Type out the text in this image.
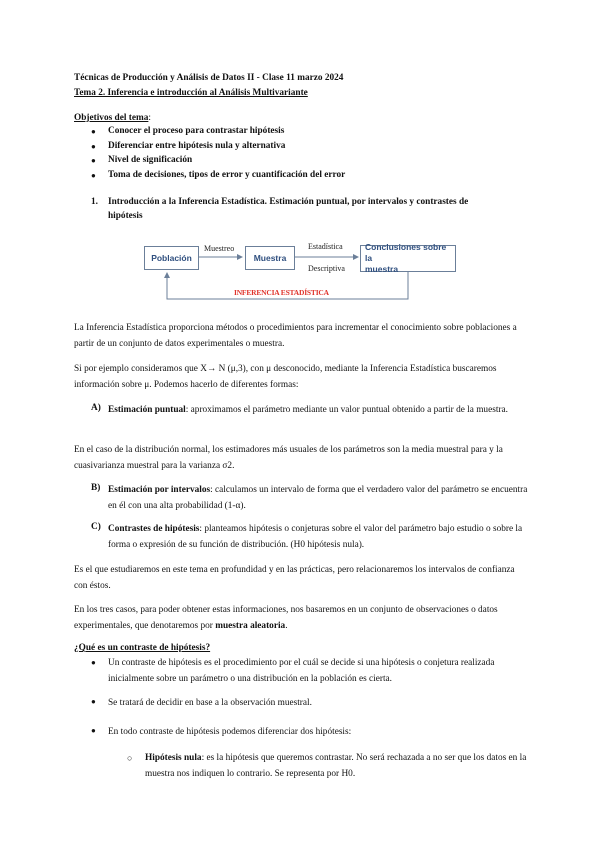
Técnicas de Producción y Análisis de Datos II - Clase 11 marzo 2024
Tema 2. Inferencia e introducción al Análisis Multivariante
Objetivos del tema:
● Conocer el proceso para contrastar hipótesis
● Diferenciar entre hipótesis nula y alternativa
● Nivel de significación
● Toma de decisiones, tipos de error y cuantificación del error
1. Introducción a la Inferencia Estadística. Estimación puntual, por intervalos y contrastes de
hipótesis
Población	Muestra
Conclusiones sobre la
muestra
Muestreo	Estadística
Descriptiva
INFERENCIA ESTADÍSTICA
La Inferencia Estadística proporciona métodos o procedimientos para incrementar el conocimiento sobre poblaciones a partir de un conjunto de datos experimentales o muestra.
Si por ejemplo consideramos que X→ N (μ,3), con μ desconocido, mediante la Inferencia Estadística buscaremos información sobre μ. Podemos hacerlo de diferentes formas:
A) Estimación puntual: aproximamos el parámetro mediante un valor puntual obtenido a partir de la muestra.
En el caso de la distribución normal, los estimadores más usuales de los parámetros son la media muestral para y la cuasivarianza muestral para la varianza σ2.
B) Estimación por intervalos: calculamos un intervalo de forma que el verdadero valor del parámetro se encuentra en él con una alta probabilidad (1-α).
C) Contrastes de hipótesis: planteamos hipótesis o conjeturas sobre el valor del parámetro bajo estudio o sobre la forma o expresión de su función de distribución. (H0 hipótesis nula).
Es el que estudiaremos en este tema en profundidad y en las prácticas, pero relacionaremos los intervalos de confianza con éstos.
En los tres casos, para poder obtener estas informaciones, nos basaremos en un conjunto de observaciones o datos experimentales, que denotaremos por muestra aleatoria.
¿Qué es un contraste de hipótesis?
● Un contraste de hipótesis es el procedimiento por el cuál se decide si una hipótesis o conjetura realizada inicialmente sobre un parámetro o una distribución en la población es cierta.
● Se tratará de decidir en base a la observación muestral.
● En todo contraste de hipótesis podemos diferenciar dos hipótesis:
○ Hipótesis nula: es la hipótesis que queremos contrastar. No será rechazada a no ser que los datos en la muestra nos indiquen lo contrario. Se representa por H0.
